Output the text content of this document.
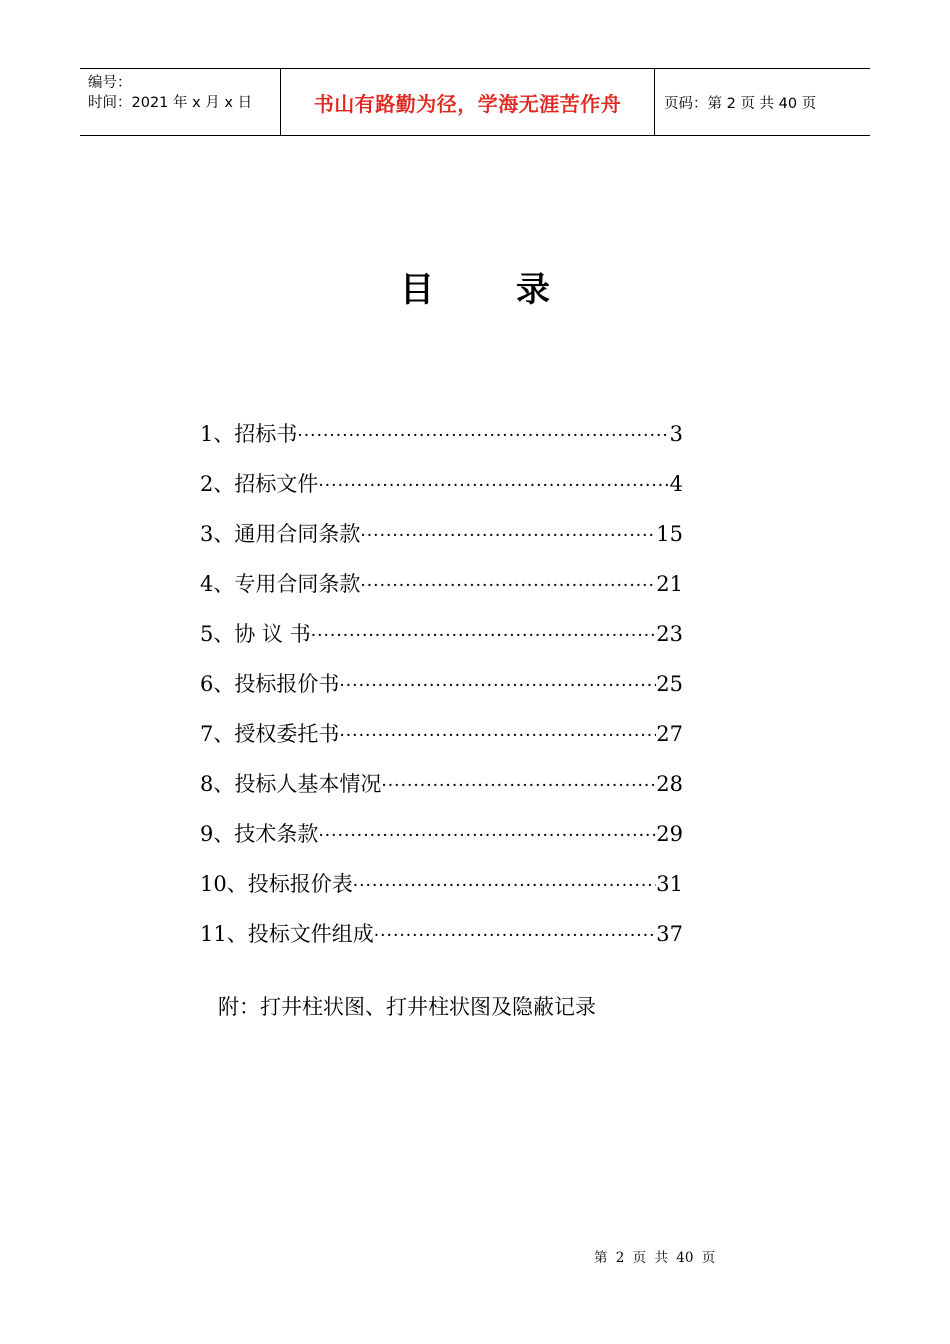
编号：
时间：2021 年 x 月 x 日	书山有路勤为径，学海无涯苦作舟	页码：第 2 页 共 40 页
目 录
1、招标书 ·····	3
2、招标文件 ·····	4
3、通用合同条款 ·····	15
4、专用合同条款 ·····	21
5、协 议 书 ·····	23
6、投标报价书 ·····	25
7、授权委托书 ·····	27
8、投标人基本情况 ·····	28
9、技术条款 ·····	29
10、投标报价表 ·····	31
11、投标文件组成 ·····	37
附：打井柱状图、打井柱状图及隐蔽记录
第 2 页 共 40 页
